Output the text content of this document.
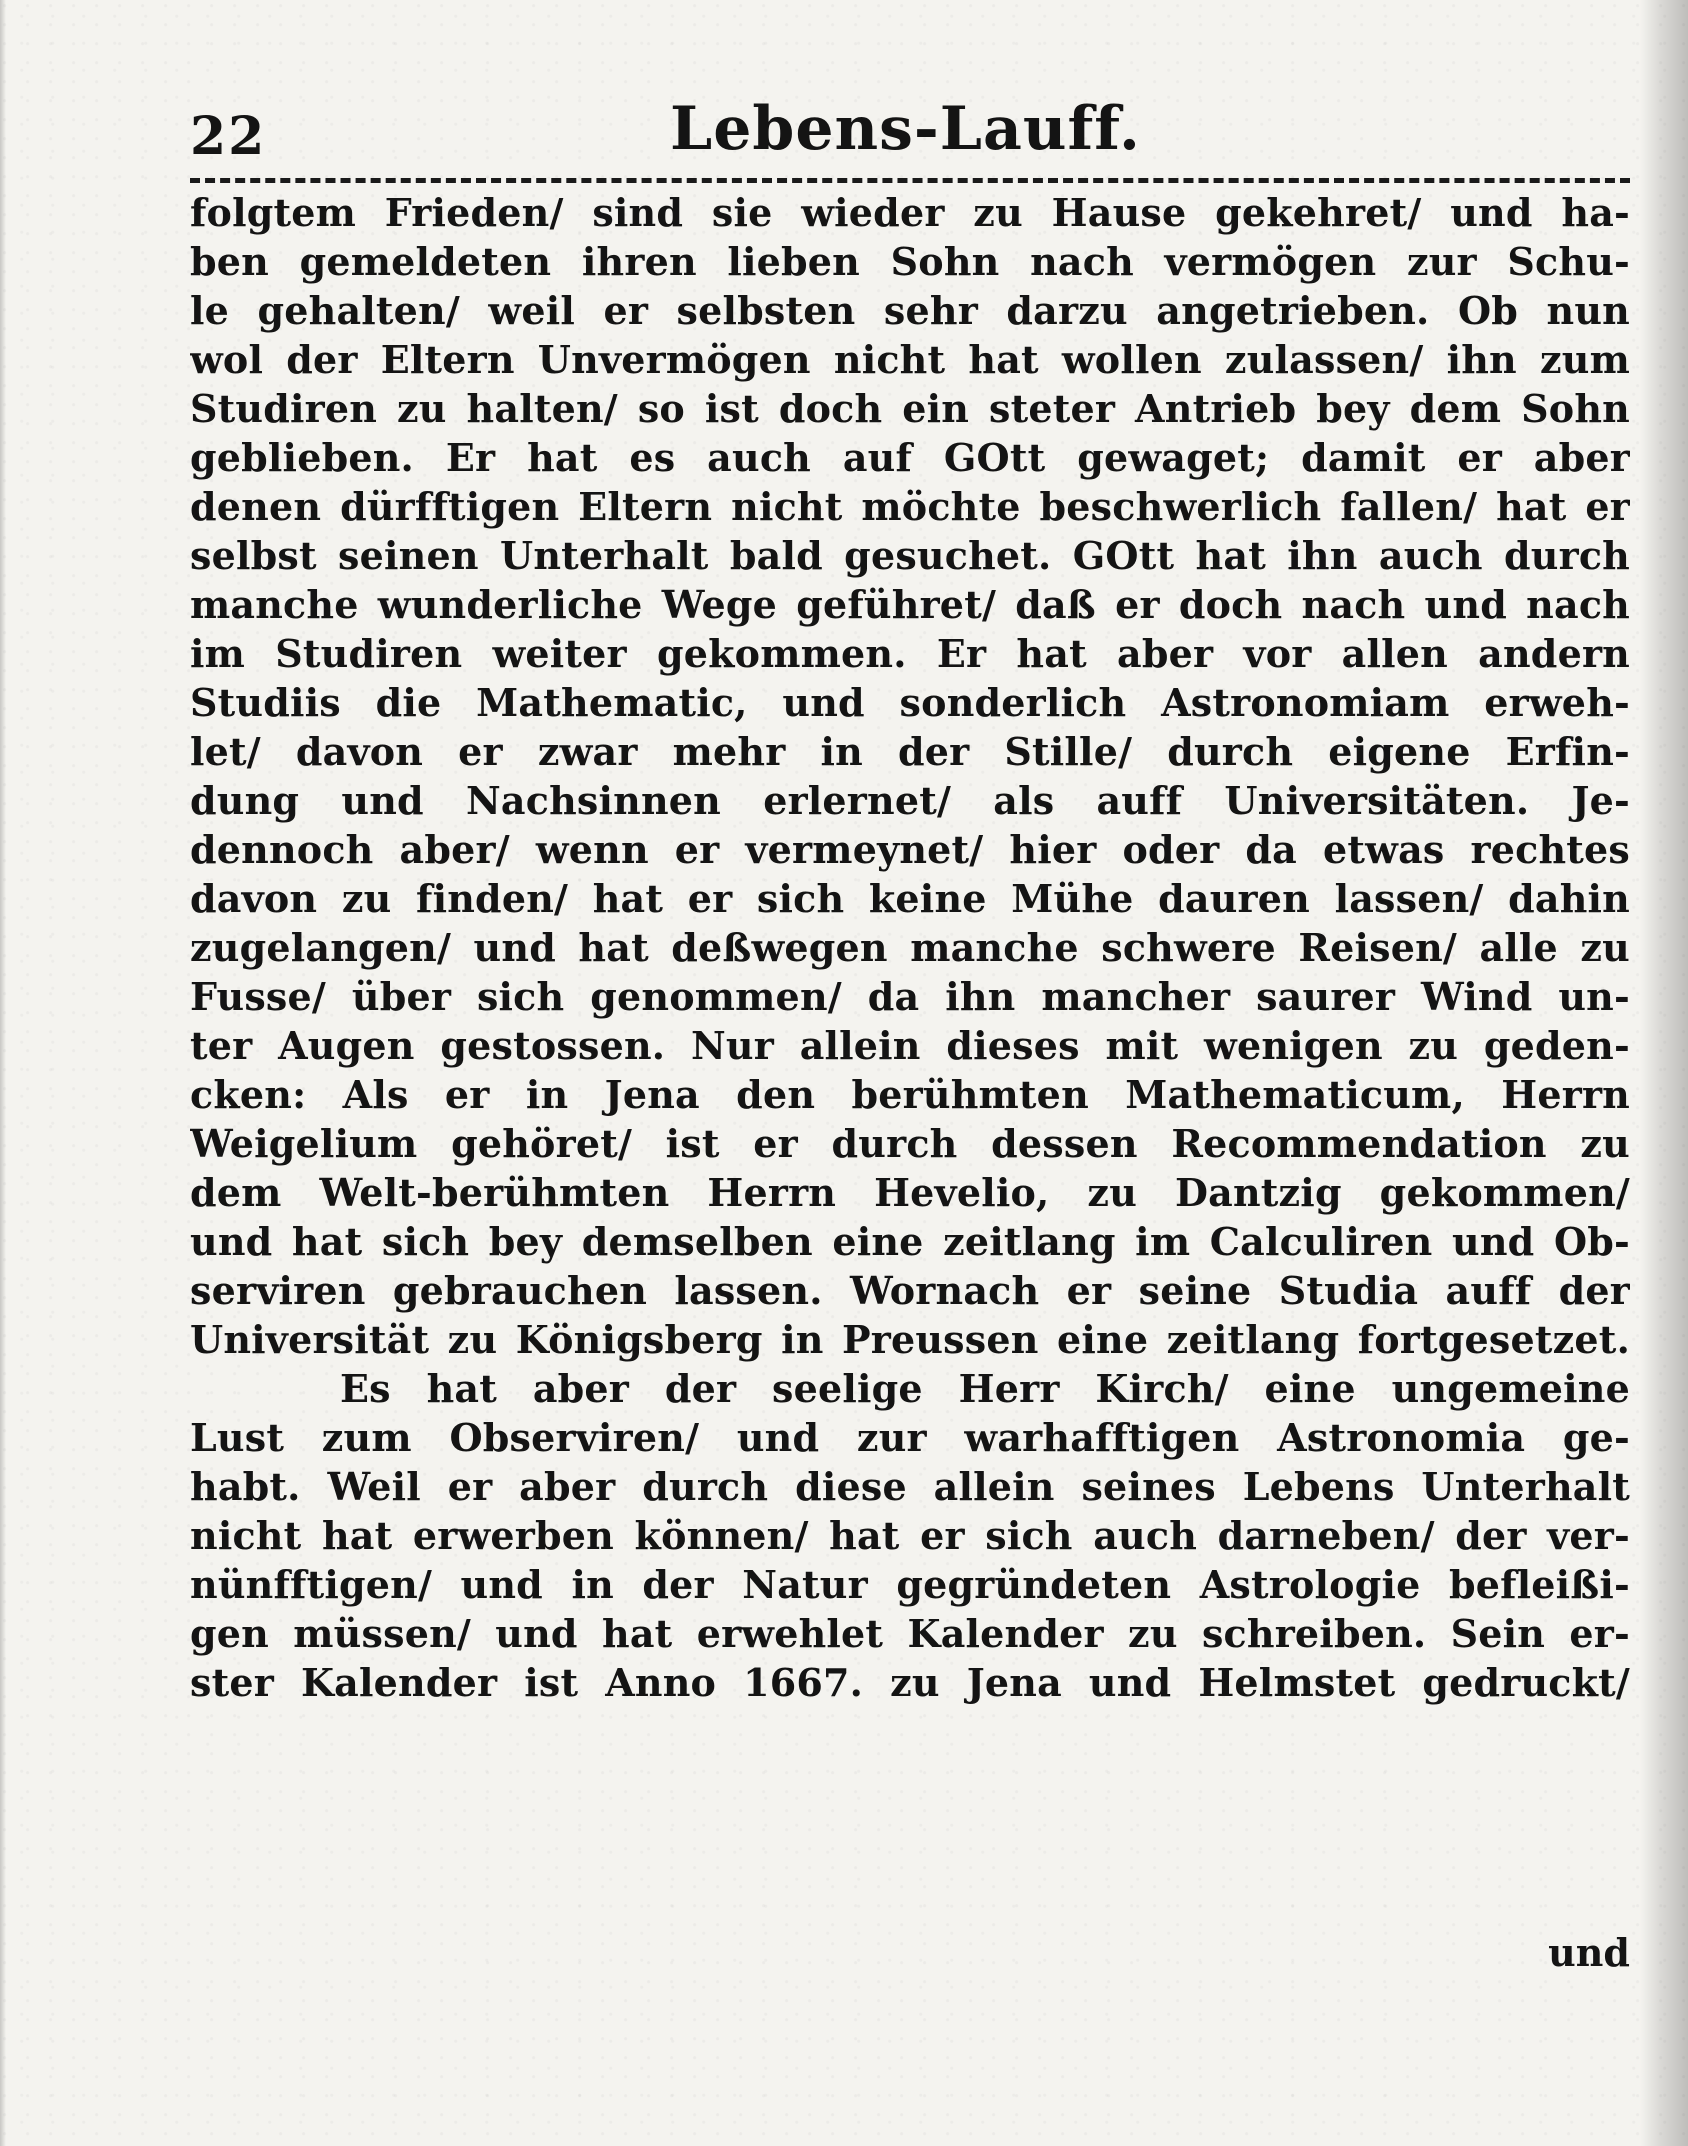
22	Lebens-Lauff.
folgtem Frieden/ sind sie wieder zu Hause gekehret/ und ha-
ben gemeldeten ihren lieben Sohn nach vermögen zur Schu-
le gehalten/ weil er selbsten sehr darzu angetrieben. Ob nun
wol der Eltern Unvermögen nicht hat wollen zulassen/ ihn zum
Studiren zu halten/ so ist doch ein steter Antrieb bey dem Sohn
geblieben. Er hat es auch auf GOtt gewaget; damit er aber
denen dürfftigen Eltern nicht möchte beschwerlich fallen/ hat er
selbst seinen Unterhalt bald gesuchet. GOtt hat ihn auch durch
manche wunderliche Wege geführet/ daß er doch nach und nach
im Studiren weiter gekommen. Er hat aber vor allen andern
Studiis die Mathematic, und sonderlich Astronomiam erweh-
let/ davon er zwar mehr in der Stille/ durch eigene Erfin-
dung und Nachsinnen erlernet/ als auff Universitäten. Je-
dennoch aber/ wenn er vermeynet/ hier oder da etwas rechtes
davon zu finden/ hat er sich keine Mühe dauren lassen/ dahin
zugelangen/ und hat deßwegen manche schwere Reisen/ alle zu
Fusse/ über sich genommen/ da ihn mancher saurer Wind un-
ter Augen gestossen. Nur allein dieses mit wenigen zu geden-
cken: Als er in Jena den berühmten Mathematicum, Herrn
Weigelium gehöret/ ist er durch dessen Recommendation zu
dem Welt-berühmten Herrn Hevelio, zu Dantzig gekommen/
und hat sich bey demselben eine zeitlang im Calculiren und Ob-
serviren gebrauchen lassen. Wornach er seine Studia auff der
Universität zu Königsberg in Preussen eine zeitlang fortgesetzet.
Es hat aber der seelige Herr Kirch/ eine ungemeine
Lust zum Observiren/ und zur warhafftigen Astronomia ge-
habt. Weil er aber durch diese allein seines Lebens Unterhalt
nicht hat erwerben können/ hat er sich auch darneben/ der ver-
nünfftigen/ und in der Natur gegründeten Astrologie befleißi-
gen müssen/ und hat erwehlet Kalender zu schreiben. Sein er-
ster Kalender ist Anno 1667. zu Jena und Helmstet gedruckt/
und
